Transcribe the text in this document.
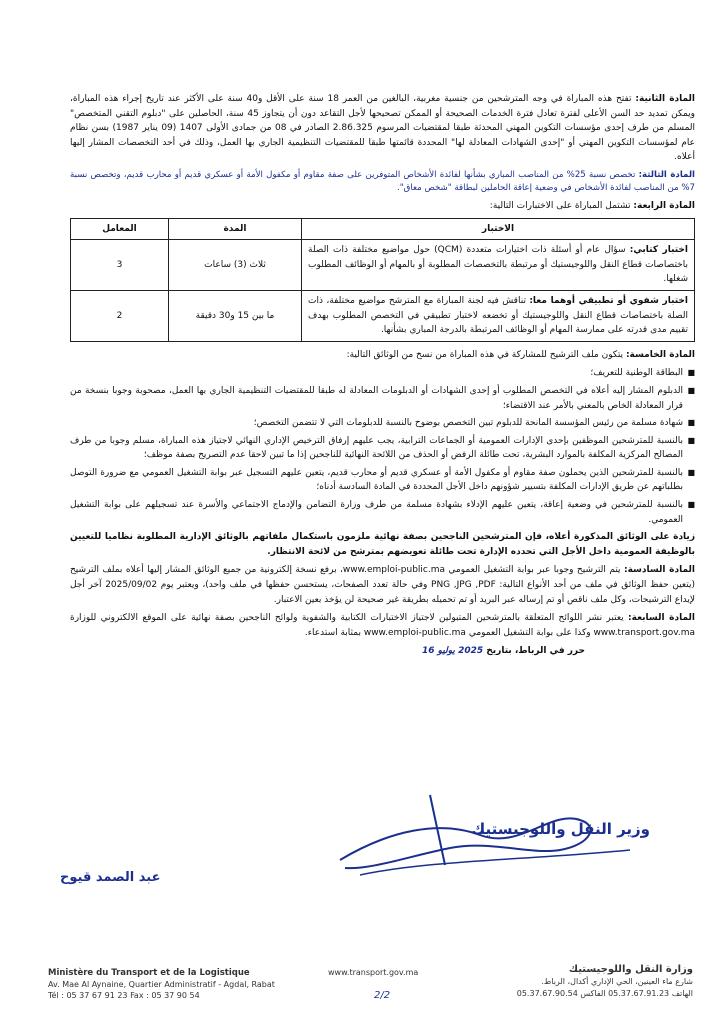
المادة الثانية: تفتح هذه المباراة في وجه المترشحين من جنسية مغربية، البالغين من العمر 18 سنة على الأقل و40 سنة على الأكثر عند تاريخ إجراء هذه المباراة، ويمكن تمديد حد السن الأعلى لفترة تعادل فترة الخدمات الصحيحة أو الممكن تصحيحها لأجل التقاعد دون أن يتجاوز 45 سنة، الحاصلين على "دبلوم التقني المتخصص" المسلم من طرف إحدى مؤسسات التكوين المهني المحدثة طبقا لمقتضيات المرسوم 2.86.325 الصادر في 08 من جمادى الأولى 1407 (09 يناير 1987) بسن نظام عام لمؤسسات التكوين المهني أو "إحدى الشهادات المعادلة لها" المحددة قائمتها طبقا للمقتضيات التنظيمية الجاري بها العمل، وذلك في أحد التخصصات المشار إليها أعلاه.

المادة الثالثة: تخصص نسبة 25% من المناصب المباري بشأنها لفائدة الأشخاص المتوفرين على صفة مقاوم أو مكفول الأمة أو عسكري قديم أو محارب قديم، وتخصص نسبة 7% من المناصب لفائدة الأشخاص في وضعية إعاقة الحاملين لبطاقة "شخص معاق".

المادة الرابعة: تشتمل المباراة على الاختبارات التالية:

الاختبار	المدة	المعامل
اختبار كتابي: سؤال عام أو أسئلة ذات اختيارات متعددة (QCM) حول مواضيع مختلفة ذات الصلة باختصاصات قطاع النقل واللوجيستيك أو مرتبطة بالتخصصات المطلوبة أو بالمهام أو الوظائف المطلوب شغلها.	ثلاث (3) ساعات	3
اختبار شفوي أو تطبيقي أوهما معا: تناقش فيه لجنة المباراة مع المترشح مواضيع مختلفة، ذات الصلة باختصاصات قطاع النقل واللوجيستيك أو تخضعه لاختبار تطبيقي في التخصص المطلوب بهدف تقييم مدى قدرته على ممارسة المهام أو الوظائف المرتبطة بالدرجة المباري بشأنها.	ما بين 15 و30 دقيقة	2

المادة الخامسة: يتكون ملف الترشيح للمشاركة في هذه المباراة من نسخ من الوثائق التالية:

■ البطاقة الوطنية للتعريف؛
■ الدبلوم المشار إليه أعلاه في التخصص المطلوب أو إحدى الشهادات أو الدبلومات المعادلة له طبقا للمقتضيات التنظيمية الجاري بها العمل، مصحوبة وجوبا بنسخة من قرار المعادلة الخاص بالمعني بالأمر عند الاقتضاء؛
■ شهادة مسلمة من رئيس المؤسسة المانحة للدبلوم تبين التخصص بوضوح بالنسبة للدبلومات التي لا تتضمن التخصص؛
■ بالنسبة للمترشحين الموظفين بإحدى الإدارات العمومية أو الجماعات الترابية، يجب عليهم إرفاق الترخيص الإداري النهائي لاجتياز هذه المباراة، مسلم وجوبا من طرف المصالح المركزية المكلفة بالموارد البشرية، تحت طائلة الرفض أو الحذف من اللائحة النهائية للناجحين إذا ما تبين لاحقا عدم التصريح بصفة موظف؛
■ بالنسبة للمترشحين الذين يحملون صفة مقاوم أو مكفول الأمة أو عسكري قديم أو محارب قديم، يتعين عليهم التسجيل عبر بوابة التشغيل العمومي مع ضرورة التوصل بطلباتهم عن طريق الإدارات المكلفة بتسيير شؤونهم داخل الأجل المحددة في المادة السادسة أدناه؛
■ بالنسبة للمترشحين في وضعية إعاقة، يتعين عليهم الإدلاء بشهادة مسلمة من طرف وزارة التضامن والإدماج الاجتماعي والأسرة عند تسجيلهم على بوابة التشغيل العمومي.

زيادة على الوثائق المذكورة أعلاه، فإن المترشحين الناجحين بصفة نهائية ملزمون باستكمال ملفاتهم بالوثائق الإدارية المطلوبة نظاميا للتعيين بالوظيفة العمومية داخل الأجل التي تحدده الإدارة تحت طائلة تعويضهم بمترشح من لائحة الانتظار.

المادة السادسة: يتم الترشيح وجوبا عبر بوابة التشغيل العمومي www.emploi-public.ma، برفع نسخة إلكترونية من جميع الوثائق المشار إليها أعلاه بملف الترشيح (يتعين حفظ الوثائق في ملف من أحد الأنواع التالية: PNG ,JPG ,PDF وفي حالة تعدد الصفحات، يستحسن حفظها في ملف واحد)، ويعتبر يوم 2025/09/02 آخر أجل لإيداع الترشيحات، وكل ملف ناقص أو تم إرساله عبر البريد أو تم تحميله بطريقة غير صحيحة لن يؤخذ بعين الاعتبار.

المادة السابعة: يعتبر نشر اللوائح المتعلقة بالمترشحين المتبولين لاجتياز الاختبارات الكتابية والشفوية ولوائح الناجحين بصفة نهائية على الموقع الالكتروني للوزارة www.transport.gov.ma وكذا على بوابة التشغيل العمومي www.emploi-public.ma بمثابة استدعاء.

حرر في الرباط، بتاريخ 2025 يوليو 16

وزير النقل واللوجيستيك
عبد الصمد قيوح
Ministère du Transport et de la Logistique
Av. Mae Al Aynaine, Quartier Administratif - Agdal, Rabat
Tél : 05 37 67 91 23 Fax : 05 37 90 54
www.transport.gov.ma
2/2
وزارة النقل واللوجيستيك
شارع ماء العينين، الحي الإداري أكدال، الرباط.
الهاتف 05.37.67.91.23 الفاكس 05.37.67.90.54
